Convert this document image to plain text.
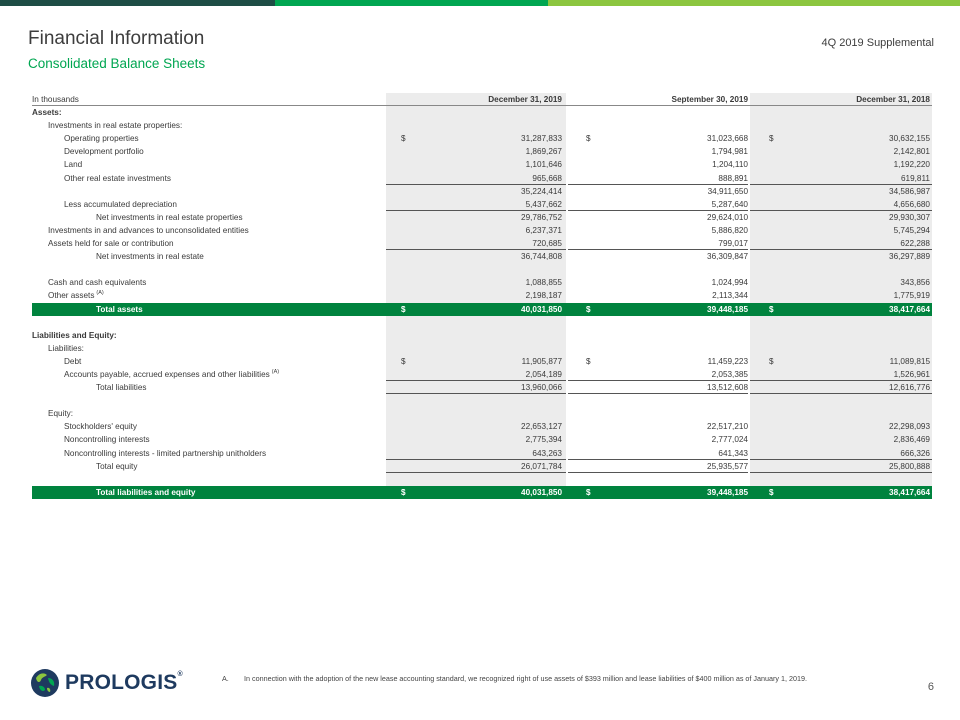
Financial Information
Consolidated Balance Sheets
4Q 2019 Supplemental
In thousands	December 31, 2019	September 30, 2019	December 31, 2018
Assets:
Investments in real estate properties:
Operating properties	$	31,287,833	$	31,023,668	$	30,632,155
Development portfolio	1,869,267	1,794,981	2,142,801
Land	1,101,646	1,204,110	1,192,220
Other real estate investments	965,668	888,891	619,811
35,224,414	34,911,650	34,586,987
Less accumulated depreciation	5,437,662	5,287,640	4,656,680
Net investments in real estate properties	29,786,752	29,624,010	29,930,307
Investments in and advances to unconsolidated entities	6,237,371	5,886,820	5,745,294
Assets held for sale or contribution	720,685	799,017	622,288
Net investments in real estate	36,744,808	36,309,847	36,297,889
Cash and cash equivalents	1,088,855	1,024,994	343,856
Other assets $^{(A)}$	2,198,187	2,113,344	1,775,919
Total assets	$	40,031,850	$	39,448,185	$	38,417,664
Liabilities and Equity:
Liabilities:
Debt	$	11,905,877	$	11,459,223	$	11,089,815
Accounts payable, accrued expenses and other liabilities $^{(A)}$	2,054,189	2,053,385	1,526,961
Total liabilities	13,960,066	13,512,608	12,616,776
Equity:
Stockholders' equity	22,653,127	22,517,210	22,298,093
Noncontrolling interests	2,775,394	2,777,024	2,836,469
Noncontrolling interests - limited partnership unitholders	643,263	641,343	666,326
Total equity	26,071,784	25,935,577	25,800,888
Total liabilities and equity	$	40,031,850	$	39,448,185	$	38,417,664
PROLOGIS®	A. In connection with the adoption of the new lease accounting standard, we recognized right of use assets of $393 million and lease liabilities of $400 million as of January 1, 2019.
6
